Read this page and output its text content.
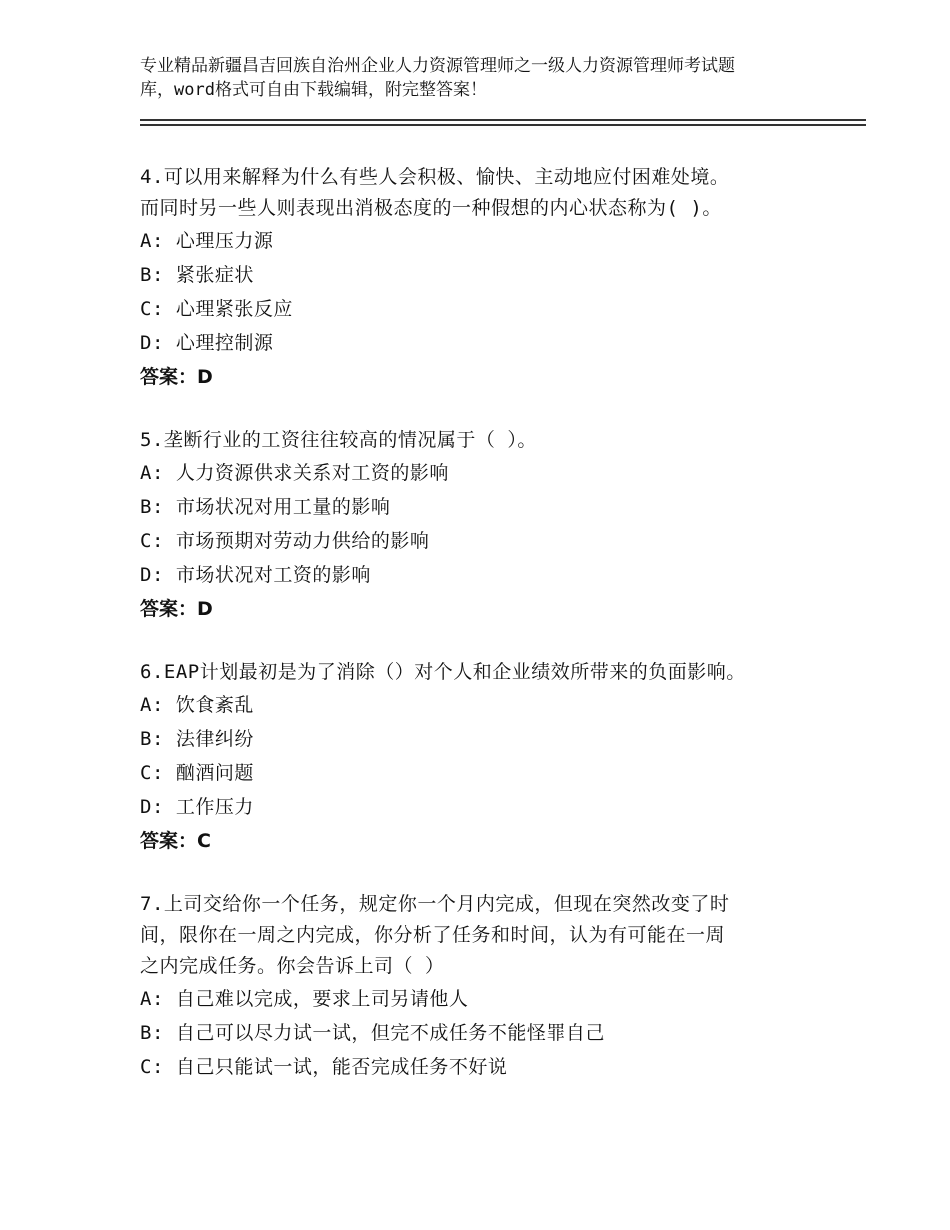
专业精品新疆昌吉回族自治州企业人力资源管理师之一级人力资源管理师考试题
库，word格式可自由下载编辑，附完整答案！
4.可以用来解释为什么有些人会积极、愉快、主动地应付困难处境。
而同时另一些人则表现出消极态度的一种假想的内心状态称为( )。
A: 心理压力源
B: 紧张症状
C: 心理紧张反应
D: 心理控制源
答案：D
5.垄断行业的工资往往较高的情况属于（ ）。
A: 人力资源供求关系对工资的影响
B: 市场状况对用工量的影响
C: 市场预期对劳动力供给的影响
D: 市场状况对工资的影响
答案：D
6.EAP计划最初是为了消除（）对个人和企业绩效所带来的负面影响。
A: 饮食紊乱
B: 法律纠纷
C: 酗酒问题
D: 工作压力
答案：C
7.上司交给你一个任务，规定你一个月内完成，但现在突然改变了时
间，限你在一周之内完成，你分析了任务和时间，认为有可能在一周
之内完成任务。你会告诉上司（ ）
A: 自己难以完成，要求上司另请他人
B: 自己可以尽力试一试，但完不成任务不能怪罪自己
C: 自己只能试一试，能否完成任务不好说
